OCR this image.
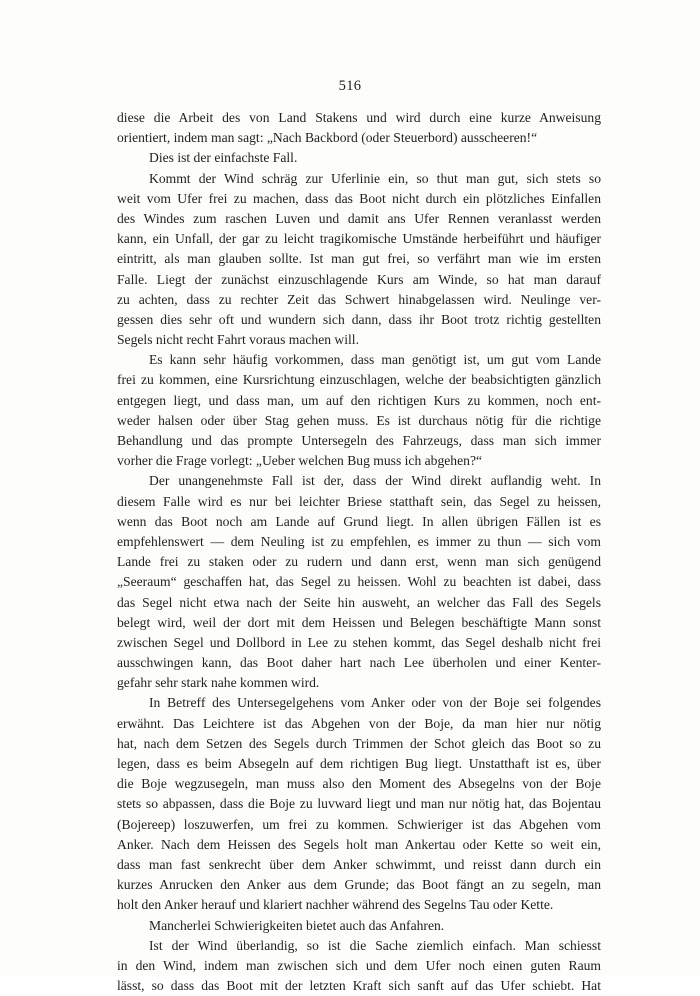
516
diese die Arbeit des von Land Stakens und wird durch eine kurze Anweisung
orientiert, indem man sagt: „Nach Backbord (oder Steuerbord) ausscheeren!“
Dies ist der einfachste Fall.
Kommt der Wind schräg zur Uferlinie ein, so thut man gut, sich stets so
weit vom Ufer frei zu machen, dass das Boot nicht durch ein plötzliches Einfallen
des Windes zum raschen Luven und damit ans Ufer Rennen veranlasst werden
kann, ein Unfall, der gar zu leicht tragikomische Umstände herbeiführt und häufiger
eintritt, als man glauben sollte. Ist man gut frei, so verfährt man wie im ersten
Falle. Liegt der zunächst einzuschlagende Kurs am Winde, so hat man darauf
zu achten, dass zu rechter Zeit das Schwert hinabgelassen wird. Neulinge ver-
gessen dies sehr oft und wundern sich dann, dass ihr Boot trotz richtig gestellten
Segels nicht recht Fahrt voraus machen will.
Es kann sehr häufig vorkommen, dass man genötigt ist, um gut vom Lande
frei zu kommen, eine Kursrichtung einzuschlagen, welche der beabsichtigten gänzlich
entgegen liegt, und dass man, um auf den richtigen Kurs zu kommen, noch ent-
weder halsen oder über Stag gehen muss. Es ist durchaus nötig für die richtige
Behandlung und das prompte Untersegeln des Fahrzeugs, dass man sich immer
vorher die Frage vorlegt: „Ueber welchen Bug muss ich abgehen?“
Der unangenehmste Fall ist der, dass der Wind direkt auflandig weht. In
diesem Falle wird es nur bei leichter Briese statthaft sein, das Segel zu heissen,
wenn das Boot noch am Lande auf Grund liegt. In allen übrigen Fällen ist es
empfehlenswert — dem Neuling ist zu empfehlen, es immer zu thun — sich vom
Lande frei zu staken oder zu rudern und dann erst, wenn man sich genügend
„Seeraum“ geschaffen hat, das Segel zu heissen. Wohl zu beachten ist dabei, dass
das Segel nicht etwa nach der Seite hin ausweht, an welcher das Fall des Segels
belegt wird, weil der dort mit dem Heissen und Belegen beschäftigte Mann sonst
zwischen Segel und Dollbord in Lee zu stehen kommt, das Segel deshalb nicht frei
ausschwingen kann, das Boot daher hart nach Lee überholen und einer Kenter-
gefahr sehr stark nahe kommen wird.
In Betreff des Untersegelgehens vom Anker oder von der Boje sei folgendes
erwähnt. Das Leichtere ist das Abgehen von der Boje, da man hier nur nötig
hat, nach dem Setzen des Segels durch Trimmen der Schot gleich das Boot so zu
legen, dass es beim Absegeln auf dem richtigen Bug liegt. Unstatthaft ist es, über
die Boje wegzusegeln, man muss also den Moment des Absegelns von der Boje
stets so abpassen, dass die Boje zu luvward liegt und man nur nötig hat, das Bojentau
(Bojereep) loszuwerfen, um frei zu kommen. Schwieriger ist das Abgehen vom
Anker. Nach dem Heissen des Segels holt man Ankertau oder Kette so weit ein,
dass man fast senkrecht über dem Anker schwimmt, und reisst dann durch ein
kurzes Anrucken den Anker aus dem Grunde; das Boot fängt an zu segeln, man
holt den Anker herauf und klariert nachher während des Segelns Tau oder Kette.
Mancherlei Schwierigkeiten bietet auch das Anfahren.
Ist der Wind überlandig, so ist die Sache ziemlich einfach. Man schiesst
in den Wind, indem man zwischen sich und dem Ufer noch einen guten Raum
lässt, so dass das Boot mit der letzten Kraft sich sanft auf das Ufer schiebt. Hat
